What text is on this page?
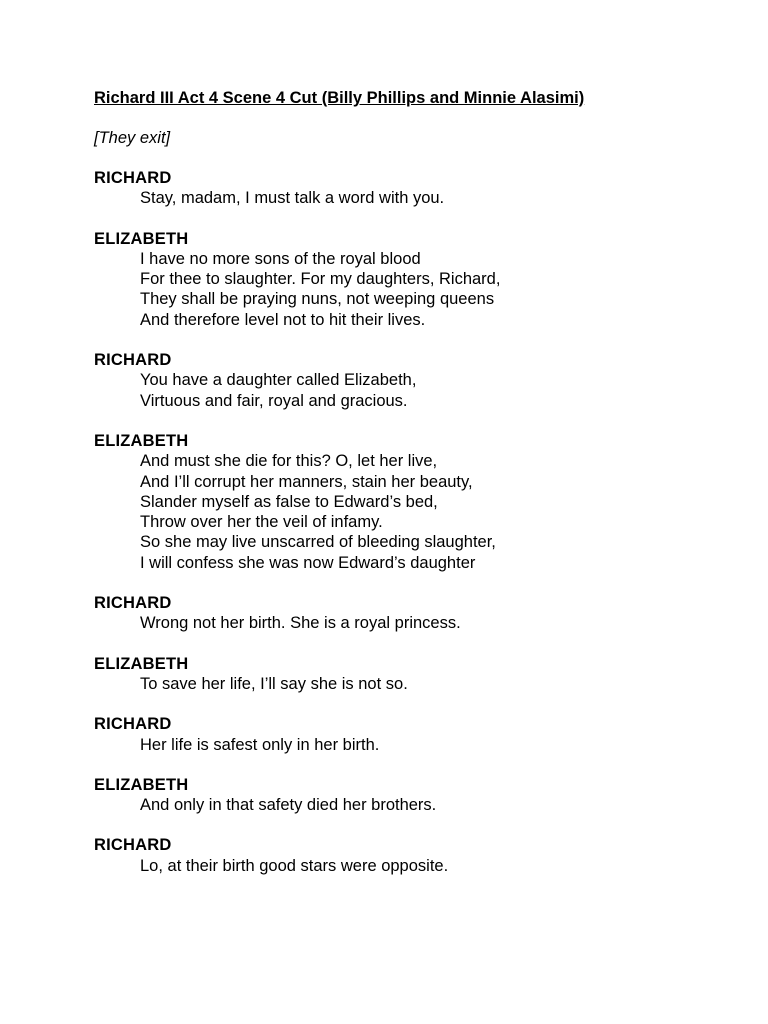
Richard III Act 4 Scene 4 Cut (Billy Phillips and Minnie Alasimi)
[They exit]
RICHARD
Stay, madam, I must talk a word with you.
ELIZABETH
I have no more sons of the royal blood
For thee to slaughter. For my daughters, Richard,
They shall be praying nuns, not weeping queens
And therefore level not to hit their lives.
RICHARD
You have a daughter called Elizabeth,
Virtuous and fair, royal and gracious.
ELIZABETH
And must she die for this? O, let her live,
And I’ll corrupt her manners, stain her beauty,
Slander myself as false to Edward’s bed,
Throw over her the veil of infamy.
So she may live unscarred of bleeding slaughter,
I will confess she was now Edward’s daughter
RICHARD
Wrong not her birth. She is a royal princess.
ELIZABETH
To save her life, I’ll say she is not so.
RICHARD
Her life is safest only in her birth.
ELIZABETH
And only in that safety died her brothers.
RICHARD
Lo, at their birth good stars were opposite.
